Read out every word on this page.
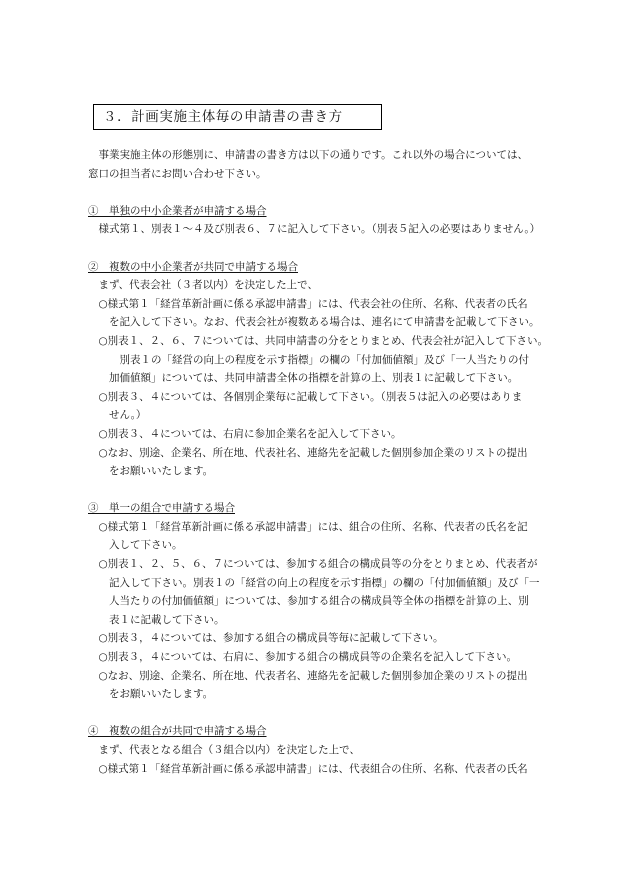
３．計画実施主体毎の申請書の書き方
事業実施主体の形態別に、申請書の書き方は以下の通りです。これ以外の場合については、
窓口の担当者にお問い合わせ下さい。
①　単独の中小企業者が申請する場合
様式第１、別表１～４及び別表６、７に記入して下さい。（別表５記入の必要はありません。）
②　複数の中小企業者が共同で申請する場合
まず、代表会社（３者以内）を決定した上で、
○様式第１「経営革新計画に係る承認申請書」には、代表会社の住所、名称、代表者の氏名
を記入して下さい。なお、代表会社が複数ある場合は、連名にて申請書を記載して下さい。
○別表１、２、６、７については、共同申請書の分をとりまとめ、代表会社が記入して下さい。
別表１の「経営の向上の程度を示す指標」の欄の「付加価値額」及び「一人当たりの付
加価値額」については、共同申請書全体の指標を計算の上、別表１に記載して下さい。
○別表３、４については、各個別企業毎に記載して下さい。（別表５は記入の必要はありま
せん。）
○別表３、４については、右肩に参加企業名を記入して下さい。
○なお、別途、企業名、所在地、代表社名、連絡先を記載した個別参加企業のリストの提出
をお願いいたします。
③　単一の組合で申請する場合
○様式第１「経営革新計画に係る承認申請書」には、組合の住所、名称、代表者の氏名を記
入して下さい。
○別表１、２、５、６、７については、参加する組合の構成員等の分をとりまとめ、代表者が
記入して下さい。別表１の「経営の向上の程度を示す指標」の欄の「付加価値額」及び「一
人当たりの付加価値額」については、参加する組合の構成員等全体の指標を計算の上、別
表１に記載して下さい。
○別表３，４については、参加する組合の構成員等毎に記載して下さい。
○別表３，４については、右肩に、参加する組合の構成員等の企業名を記入して下さい。
○なお、別途、企業名、所在地、代表者名、連絡先を記載した個別参加企業のリストの提出
をお願いいたします。
④　複数の組合が共同で申請する場合
まず、代表となる組合（３組合以内）を決定した上で、
○様式第１「経営革新計画に係る承認申請書」には、代表組合の住所、名称、代表者の氏名
